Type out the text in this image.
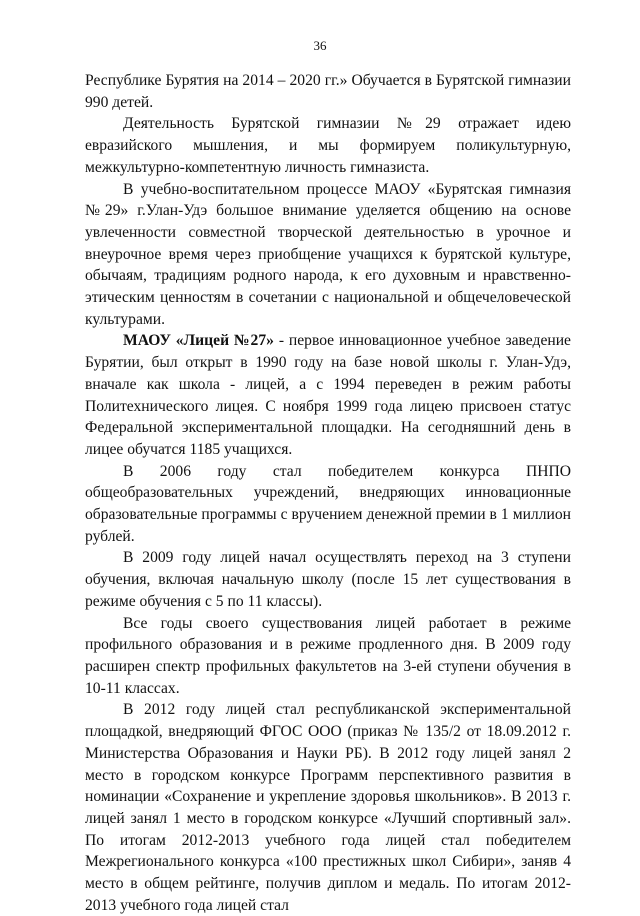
36

Республике Бурятия на 2014 – 2020 гг.» Обучается в Бурятской гимназии 990 детей.

Деятельность Бурятской гимназии №29 отражает идею евразийского мышления, и мы формируем поликультурную, межкультурно-компетентную личность гимназиста.

В учебно-воспитательном процессе МАОУ «Бурятская гимназия №29» г.Улан-Удэ большое внимание уделяется общению на основе увлеченности совместной творческой деятельностью в урочное и внеурочное время через приобщение учащихся к бурятской культуре, обычаям, традициям родного народа, к его духовным и нравственно-этическим ценностям в сочетании с национальной и общечеловеческой культурами.

МАОУ «Лицей №27» - первое инновационное учебное заведение Бурятии, был открыт в 1990 году на базе новой школы г. Улан-Удэ, вначале как школа - лицей, а с 1994 переведен в режим работы Политехнического лицея. С ноября 1999 года лицею присвоен статус Федеральной экспериментальной площадки. На сегодняшний день в лицее обучатся 1185 учащихся.

В 2006 году стал победителем конкурса ПНПО общеобразовательных учреждений, внедряющих инновационные образовательные программы с вручением денежной премии в 1 миллион рублей.

В 2009 году лицей начал осуществлять переход на 3 ступени обучения, включая начальную школу (после 15 лет существования в режиме обучения с 5 по 11 классы).

Все годы своего существования лицей работает в режиме профильного образования и в режиме продленного дня. В 2009 году расширен спектр профильных факультетов на 3-ей ступени обучения в 10-11 классах.

В 2012 году лицей стал республиканской экспериментальной площадкой, внедряющий ФГОС ООО (приказ № 135/2 от 18.09.2012 г. Министерства Образования и Науки РБ). В 2012 году лицей занял 2 место в городском конкурсе Программ перспективного развития в номинации «Сохранение и укрепление здоровья школьников». В 2013 г. лицей занял 1 место в городском конкурсе «Лучший спортивный зал». По итогам 2012-2013 учебного года лицей стал победителем Межрегионального конкурса «100 престижных школ Сибири», заняв 4 место в общем рейтинге, получив диплом и медаль. По итогам 2012-2013 учебного года лицей стал
